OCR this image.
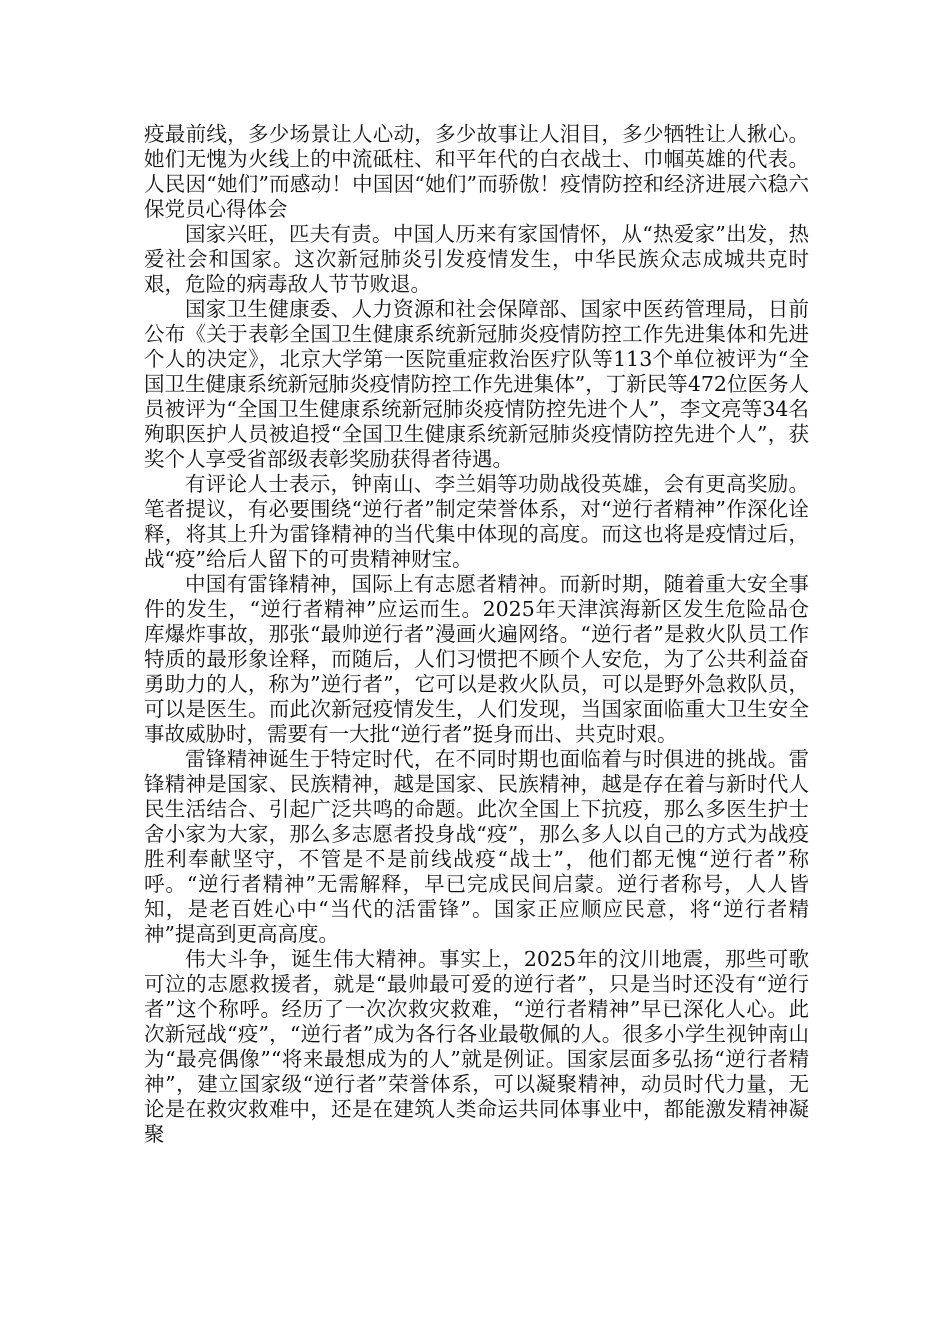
疫最前线，多少场景让人心动，多少故事让人泪目，多少牺牲让人揪心。她们无愧为火线上的中流砥柱、和平年代的白衣战士、巾帼英雄的代表。人民因“她们”而感动！中国因“她们”而骄傲！疫情防控和经济进展六稳六保党员心得体会

国家兴旺，匹夫有责。中国人历来有家国情怀，从“热爱家”出发，热爱社会和国家。这次新冠肺炎引发疫情发生，中华民族众志成城共克时艰，危险的病毒敌人节节败退。

国家卫生健康委、人力资源和社会保障部、国家中医药管理局，日前公布《关于表彰全国卫生健康系统新冠肺炎疫情防控工作先进集体和先进个人的决定》，北京大学第一医院重症救治医疗队等113个单位被评为“全国卫生健康系统新冠肺炎疫情防控工作先进集体”，丁新民等472位医务人员被评为“全国卫生健康系统新冠肺炎疫情防控先进个人”，李文亮等34名殉职医护人员被追授“全国卫生健康系统新冠肺炎疫情防控先进个人”，获奖个人享受省部级表彰奖励获得者待遇。

有评论人士表示，钟南山、李兰娟等功勋战役英雄，会有更高奖励。笔者提议，有必要围绕“逆行者”制定荣誉体系，对“逆行者精神”作深化诠释，将其上升为雷锋精神的当代集中体现的高度。而这也将是疫情过后，战“疫”给后人留下的可贵精神财宝。

中国有雷锋精神，国际上有志愿者精神。而新时期，随着重大安全事件的发生，“逆行者精神”应运而生。2025年天津滨海新区发生危险品仓库爆炸事故，那张“最帅逆行者”漫画火遍网络。“逆行者”是救火队员工作特质的最形象诠释，而随后，人们习惯把不顾个人安危，为了公共利益奋勇助力的人，称为”逆行者”，它可以是救火队员，可以是野外急救队员，可以是医生。而此次新冠疫情发生，人们发现，当国家面临重大卫生安全事故威胁时，需要有一大批“逆行者”挺身而出、共克时艰。

雷锋精神诞生于特定时代，在不同时期也面临着与时俱进的挑战。雷锋精神是国家、民族精神，越是国家、民族精神，越是存在着与新时代人民生活结合、引起广泛共鸣的命题。此次全国上下抗疫，那么多医生护士舍小家为大家，那么多志愿者投身战“疫”，那么多人以自己的方式为战疫胜利奉献坚守，不管是不是前线战疫“战士”，他们都无愧“逆行者”称呼。“逆行者精神”无需解释，早已完成民间启蒙。逆行者称号，人人皆知，是老百姓心中“当代的活雷锋”。国家正应顺应民意，将“逆行者精神”提高到更高高度。

伟大斗争，诞生伟大精神。事实上，2025年的汶川地震，那些可歌可泣的志愿救援者，就是“最帅最可爱的逆行者”，只是当时还没有“逆行者”这个称呼。经历了一次次救灾救难，“逆行者精神”早已深化人心。此次新冠战“疫”，“逆行者”成为各行各业最敬佩的人。很多小学生视钟南山为“最亮偶像”“将来最想成为的人”就是例证。国家层面多弘扬“逆行者精神”，建立国家级“逆行者”荣誉体系，可以凝聚精神，动员时代力量，无论是在救灾救难中，还是在建筑人类命运共同体事业中，都能激发精神凝聚
